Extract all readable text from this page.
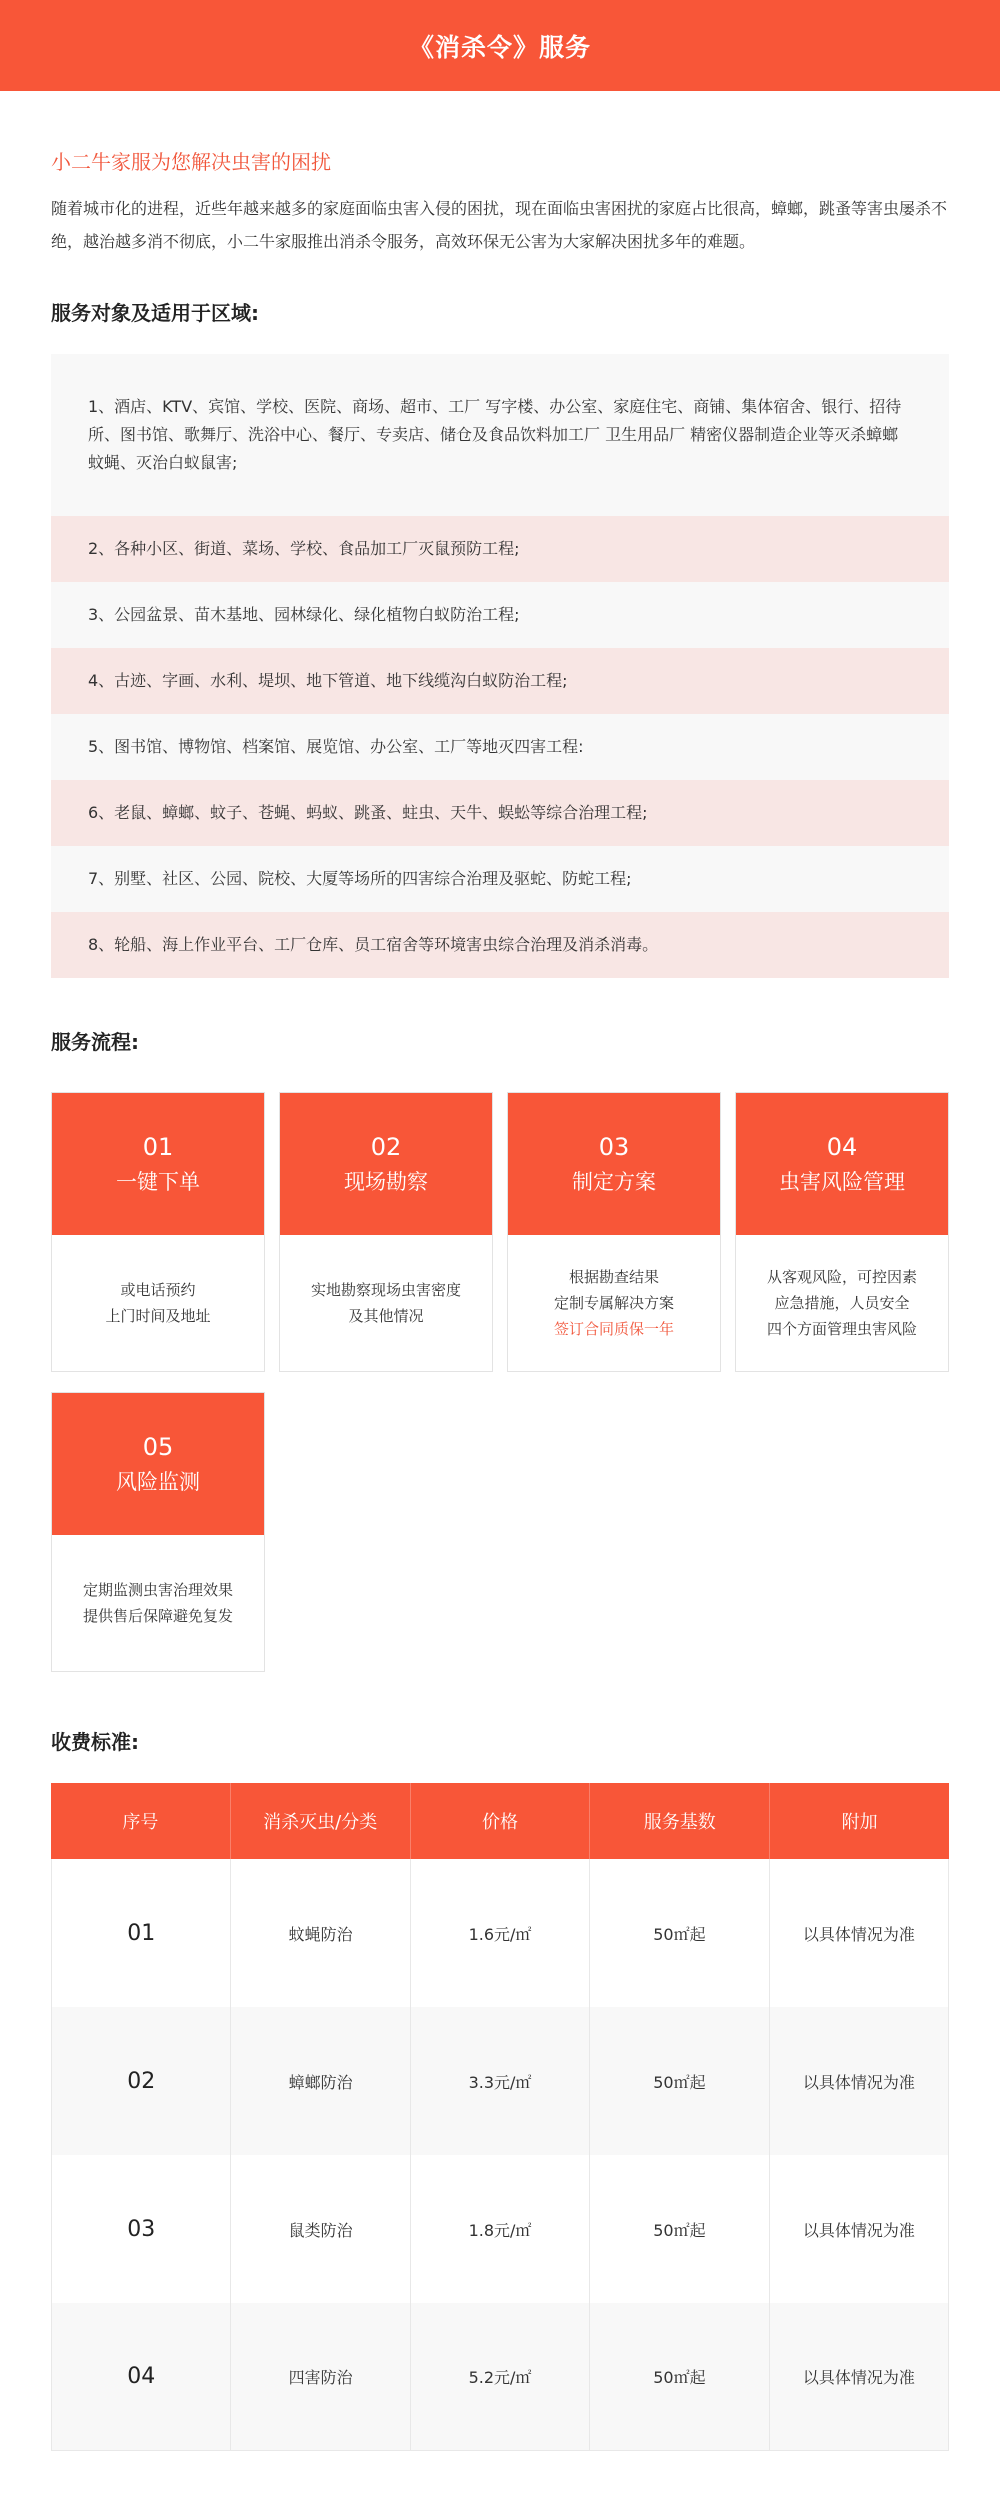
《消杀令》服务
小二牛家服为您解决虫害的困扰
随着城市化的进程，近些年越来越多的家庭面临虫害入侵的困扰，现在面临虫害困扰的家庭占比很高，蟑螂，跳蚤等害虫屡杀不绝，越治越多消不彻底，小二牛家服推出消杀令服务，高效环保无公害为大家解决困扰多年的难题。
服务对象及适用于区域:
1、酒店、KTV、宾馆、学校、医院、商场、超市、工厂 写字楼、办公室、家庭住宅、商铺、集体宿舍、银行、招待所、图书馆、歌舞厅、洗浴中心、餐厅、专卖店、储仓及食品饮料加工厂 卫生用品厂 精密仪器制造企业等灭杀蟑螂蚊蝇、灭治白蚁鼠害;
2、各种小区、街道、菜场、学校、食品加工厂灭鼠预防工程;
3、公园盆景、苗木基地、园林绿化、绿化植物白蚁防治工程;
4、古迹、字画、水利、堤坝、地下管道、地下线缆沟白蚁防治工程;
5、图书馆、博物馆、档案馆、展览馆、办公室、工厂等地灭四害工程:
6、老鼠、蟑螂、蚊子、苍蝇、蚂蚁、跳蚤、蛀虫、天牛、蜈蚣等综合治理工程;
7、别墅、社区、公园、院校、大厦等场所的四害综合治理及驱蛇、防蛇工程;
8、轮船、海上作业平台、工厂仓库、员工宿舍等环境害虫综合治理及消杀消毒。
服务流程:
01
一键下单
或电话预约
上门时间及地址
02
现场勘察
实地勘察现场虫害密度
及其他情况
03
制定方案
根据勘查结果
定制专属解决方案
签订合同质保一年
04
虫害风险管理
从客观风险，可控因素
应急措施，人员安全
四个方面管理虫害风险
05
风险监测
定期监测虫害治理效果
提供售后保障避免复发
收费标准:
序号	消杀灭虫/分类	价格	服务基数	附加
01	蚊蝇防治	1.6元/㎡	50㎡起	以具体情况为准
02	蟑螂防治	3.3元/㎡	50㎡起	以具体情况为准
03	鼠类防治	1.8元/㎡	50㎡起	以具体情况为准
04	四害防治	5.2元/㎡	50㎡起	以具体情况为准
